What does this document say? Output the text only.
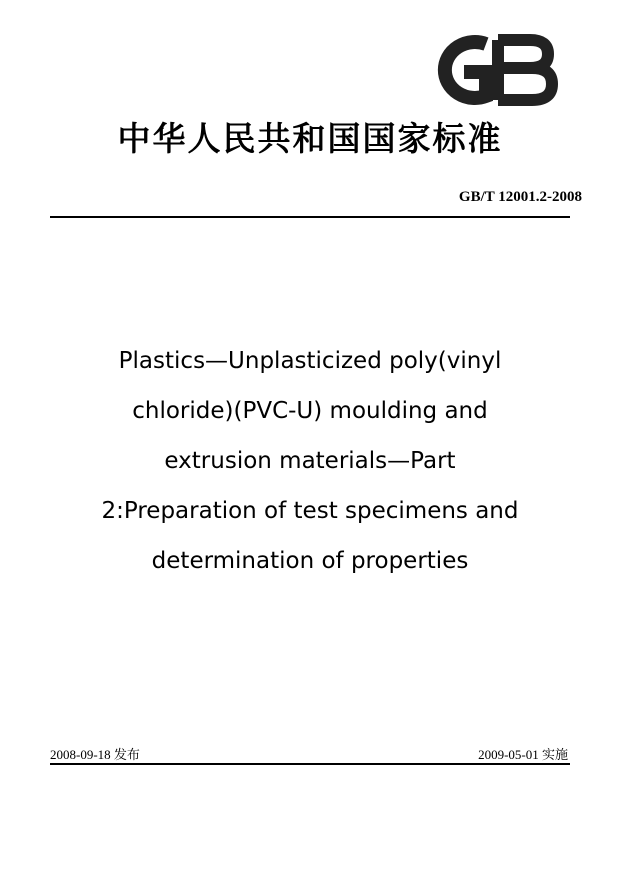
中华人民共和国国家标准
GB/T 12001.2-2008
Plastics—Unplasticized poly(vinyl
chloride)(PVC-U) moulding and
extrusion materials—Part
2:Preparation of test specimens and
determination of properties
2008-09-18 发布	2009-05-01 实施
